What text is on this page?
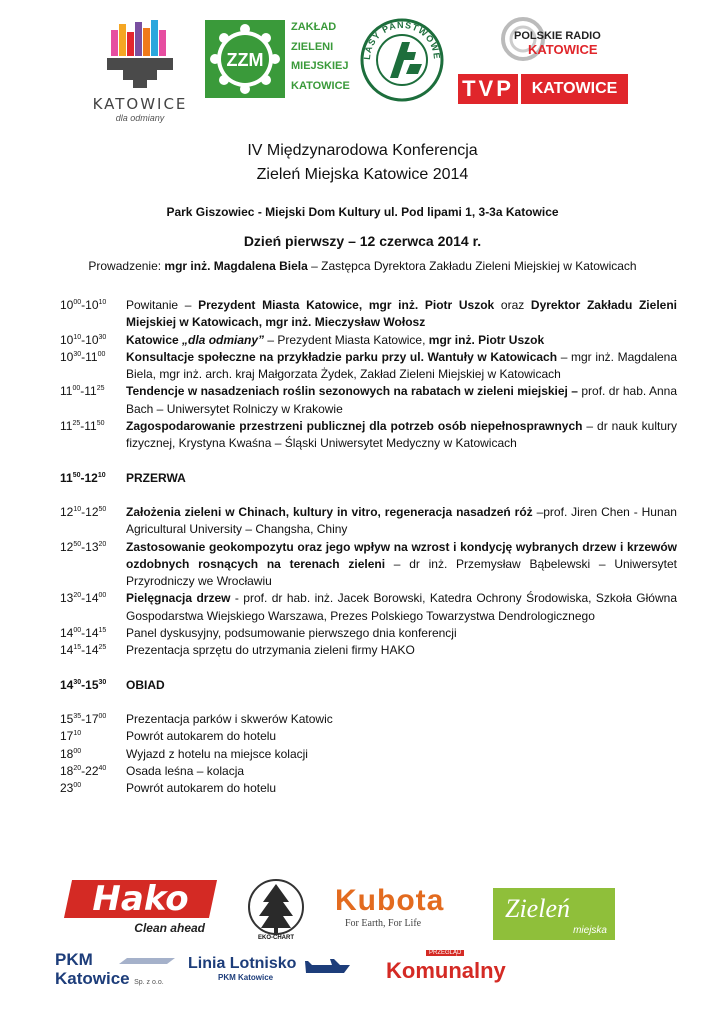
KATOWICE
dla odmiany
ZZM
ZAKŁAD
ZIELENI
MIEJSKIEJ
KATOWICE
LASY PAŃSTWOWE
POLSKIE RADIO
KATOWICE
TVP	KATOWICE
IV Międzynarodowa Konferencja
Zieleń Miejska Katowice 2014
Park Giszowiec - Miejski Dom Kultury ul. Pod lipami 1, 3-3a Katowice
Dzień pierwszy – 12 czerwca 2014 r.
Prowadzenie: mgr inż. Magdalena Biela – Zastępca Dyrektora Zakładu Zieleni Miejskiej w Katowicach
$10^{00}-10^{10}$	Powitanie – Prezydent Miasta Katowice, mgr inż. Piotr Uszok oraz Dyrektor Zakładu Zieleni Miejskiej w Katowicach, mgr inż. Mieczysław Wołosz
$10^{10}-10^{30}$	Katowice „dla odmiany” – Prezydent Miasta Katowice, mgr inż. Piotr Uszok
$10^{30}-11^{00}$	Konsultacje społeczne na przykładzie parku przy ul. Wantuły w Katowicach – mgr inż. Magdalena Biela, mgr inż. arch. kraj Małgorzata Żydek, Zakład Zieleni Miejskiej w Katowicach
$11^{00}-11^{25}$	Tendencje w nasadzeniach roślin sezonowych na rabatach w zieleni miejskiej – prof. dr hab. Anna Bach – Uniwersytet Rolniczy w Krakowie
$11^{25}-11^{50}$	Zagospodarowanie przestrzeni publicznej dla potrzeb osób niepełnosprawnych – dr nauk kultury fizycznej, Krystyna Kwaśna – Śląski Uniwersytet Medyczny w Katowicach
$11^{50}-12^{10}$	PRZERWA
$12^{10}-12^{50}$	Założenia zieleni w Chinach, kultury in vitro, regeneracja nasadzeń róż –prof. Jiren Chen - Hunan Agricultural University – Changsha, Chiny
$12^{50}-13^{20}$	Zastosowanie geokompozytu oraz jego wpływ na wzrost i kondycję wybranych drzew i krzewów ozdobnych rosnących na terenach zieleni – dr inż. Przemysław Bąbelewski – Uniwersytet Przyrodniczy we Wrocławiu
$13^{20}-14^{00}$	Pielęgnacja drzew - prof. dr hab. inż. Jacek Borowski, Katedra Ochrony Środowiska, Szkoła Główna Gospodarstwa Wiejskiego Warszawa, Prezes Polskiego Towarzystwa Dendrologicznego
$14^{00}-14^{15}$	Panel dyskusyjny, podsumowanie pierwszego dnia konferencji
$14^{15}-14^{25}$	Prezentacja sprzętu do utrzymania zieleni firmy HAKO
$14^{30}-15^{30}$	OBIAD
$15^{35}-17^{00}$	Prezentacja parków i skwerów Katowic
$17^{10}$	Powrót autokarem do hotelu
$18^{00}$	Wyjazd z hotelu na miejsce kolacji
$18^{20}-22^{40}$	Osada leśna – kolacja
$23^{00}$	Powrót autokarem do hotelu
Hako
Clean ahead
EKO-CHART
Kubota
For Earth, For Life
Zieleń
miejska
PKM
Katowice Sp. z o.o.
Linia Lotnisko
PKM Katowice
PRZEGLĄD
Komunalny
